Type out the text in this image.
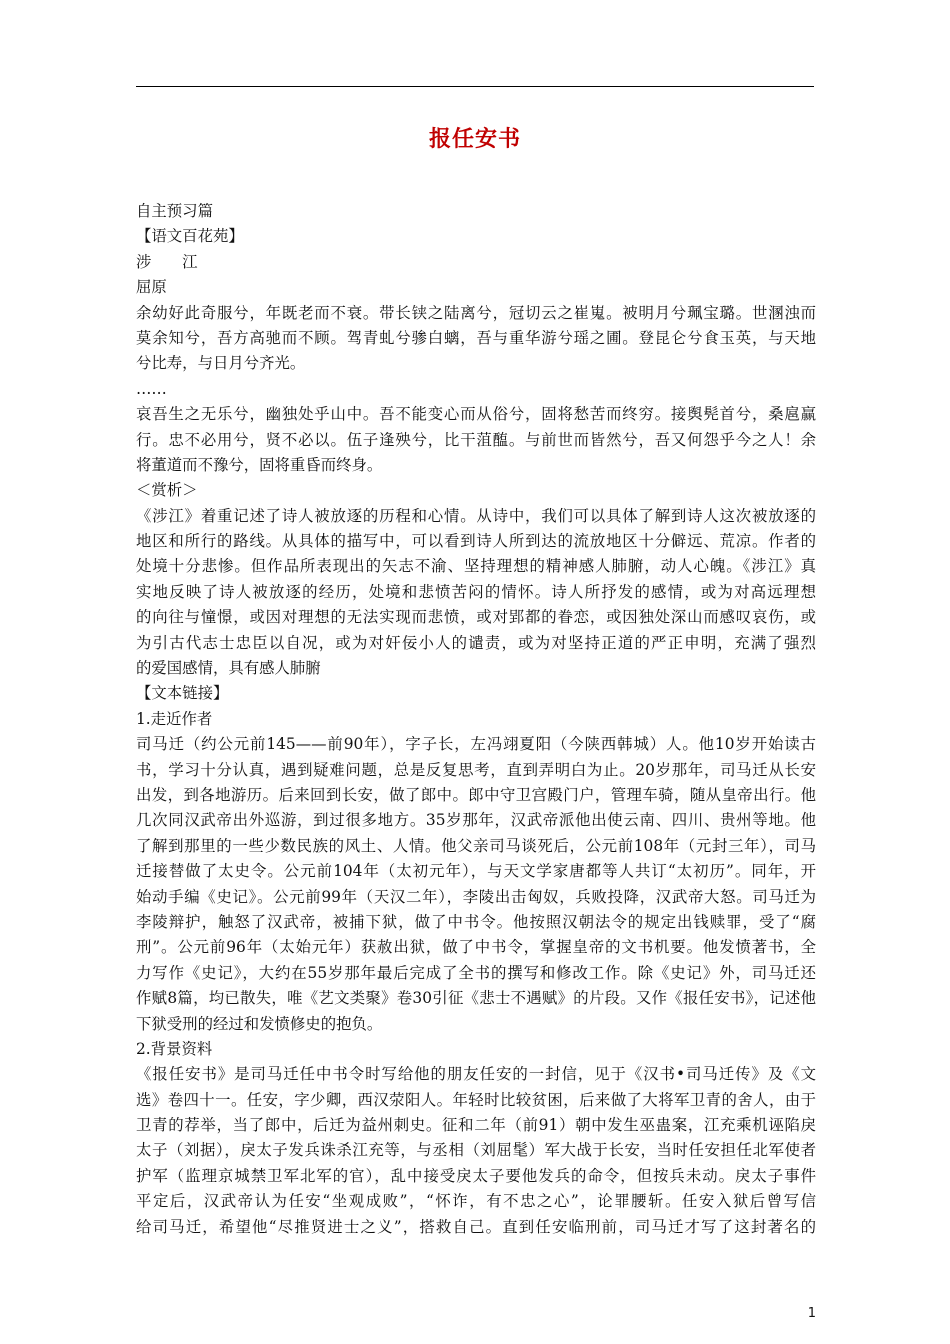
报任安书
自主预习篇
【语文百花苑】
涉　　江
屈原
余幼好此奇服兮，年既老而不衰。带长铗之陆离兮，冠切云之崔嵬。被明月兮珮宝璐。世溷浊而
莫余知兮，吾方高驰而不顾。驾青虬兮骖白螭，吾与重华游兮瑶之圃。登昆仑兮食玉英，与天地
兮比寿，与日月兮齐光。
……
哀吾生之无乐兮，幽独处乎山中。吾不能变心而从俗兮，固将愁苦而终穷。接舆髡首兮，桑扈赢
行。忠不必用兮，贤不必以。伍子逢殃兮，比干菹醢。与前世而皆然兮，吾又何怨乎今之人！余
将董道而不豫兮，固将重昏而终身。
＜赏析＞
《涉江》着重记述了诗人被放逐的历程和心情。从诗中，我们可以具体了解到诗人这次被放逐的
地区和所行的路线。从具体的描写中，可以看到诗人所到达的流放地区十分僻远、荒凉。作者的
处境十分悲惨。但作品所表现出的矢志不渝、坚持理想的精神感人肺腑，动人心魄。《涉江》真
实地反映了诗人被放逐的经历，处境和悲愤苦闷的情怀。诗人所抒发的感情，或为对高远理想
的向往与憧憬，或因对理想的无法实现而悲愤，或对郢都的眷恋，或因独处深山而感叹哀伤，或
为引古代志士忠臣以自况，或为对奸佞小人的谴责，或为对坚持正道的严正申明，充满了强烈
的爱国感情，具有感人肺腑
【文本链接】
1.走近作者
司马迁（约公元前145——前90年），字子长，左冯翊夏阳（今陕西韩城）人。他10岁开始读古
书，学习十分认真，遇到疑难问题，总是反复思考，直到弄明白为止。20岁那年，司马迁从长安
出发，到各地游历。后来回到长安，做了郎中。郎中守卫宫殿门户，管理车骑，随从皇帝出行。他
几次同汉武帝出外巡游，到过很多地方。35岁那年，汉武帝派他出使云南、四川、贵州等地。他
了解到那里的一些少数民族的风土、人情。他父亲司马谈死后，公元前108年（元封三年），司马
迁接替做了太史令。公元前104年（太初元年），与天文学家唐都等人共订“太初历”。同年，开
始动手编《史记》。公元前99年（天汉二年），李陵出击匈奴，兵败投降，汉武帝大怒。司马迁为
李陵辩护，触怒了汉武帝，被捕下狱，做了中书令。他按照汉朝法令的规定出钱赎罪，受了“腐
刑”。公元前96年（太始元年）获赦出狱，做了中书令，掌握皇帝的文书机要。他发愤著书，全
力写作《史记》，大约在55岁那年最后完成了全书的撰写和修改工作。除《史记》外，司马迁还
作赋8篇，均已散失，唯《艺文类聚》卷30引征《悲士不遇赋》的片段。又作《报任安书》，记述他
下狱受刑的经过和发愤修史的抱负。
2.背景资料
《报任安书》是司马迁任中书令时写给他的朋友任安的一封信，见于《汉书•司马迁传》及《文
选》卷四十一。任安，字少卿，西汉荥阳人。年轻时比较贫困，后来做了大将军卫青的舍人，由于
卫青的荐举，当了郎中，后迁为益州刺史。征和二年（前91）朝中发生巫蛊案，江充乘机诬陷戾
太子（刘据），戾太子发兵诛杀江充等，与丞相（刘屈髦）军大战于长安，当时任安担任北军使者
护军（监理京城禁卫军北军的官），乱中接受戾太子要他发兵的命令，但按兵未动。戾太子事件
平定后，汉武帝认为任安“坐观成败”，“怀诈，有不忠之心”，论罪腰斩。任安入狱后曾写信
给司马迁，希望他“尽推贤进士之义”，搭救自己。直到任安临刑前，司马迁才写了这封著名的
1
